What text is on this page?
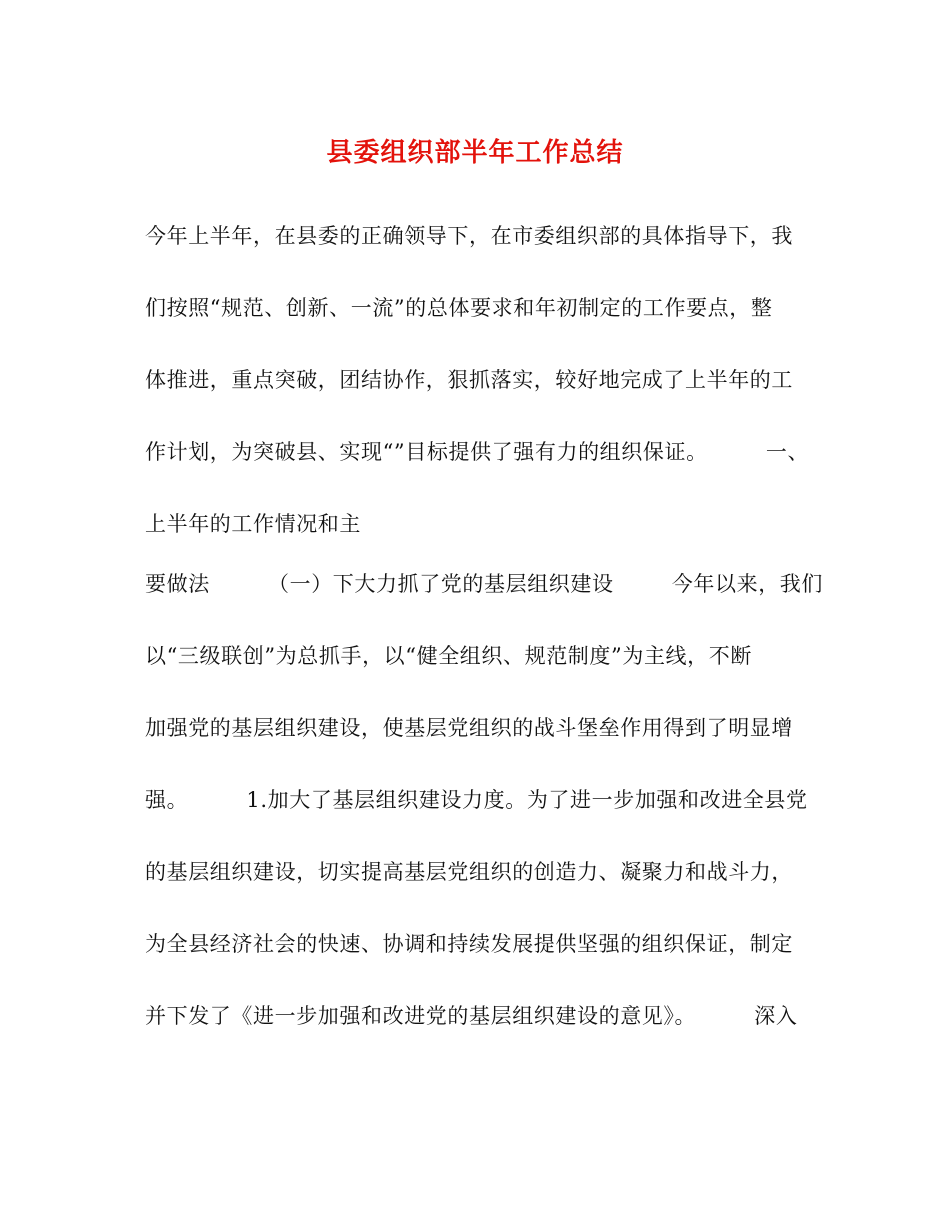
县委组织部半年工作总结
今年上半年，在县委的正确领导下，在市委组织部的具体指导下，我
们按照“规范、创新、一流”的总体要求和年初制定的工作要点，整
体推进，重点突破，团结协作，狠抓落实，较好地完成了上半年的工
作计划，为突破县、实现“”目标提供了强有力的组织保证。        一、
上半年的工作情况和主
要做法        （一）下大力抓了党的基层组织建设        今年以来，我们
以“三级联创”为总抓手，以“健全组织、规范制度”为主线，不断
加强党的基层组织建设，使基层党组织的战斗堡垒作用得到了明显增
强。        1.加大了基层组织建设力度。为了进一步加强和改进全县党
的基层组织建设，切实提高基层党组织的创造力、凝聚力和战斗力，
为全县经济社会的快速、协调和持续发展提供坚强的组织保证，制定
并下发了《进一步加强和改进党的基层组织建设的意见》。        深入
